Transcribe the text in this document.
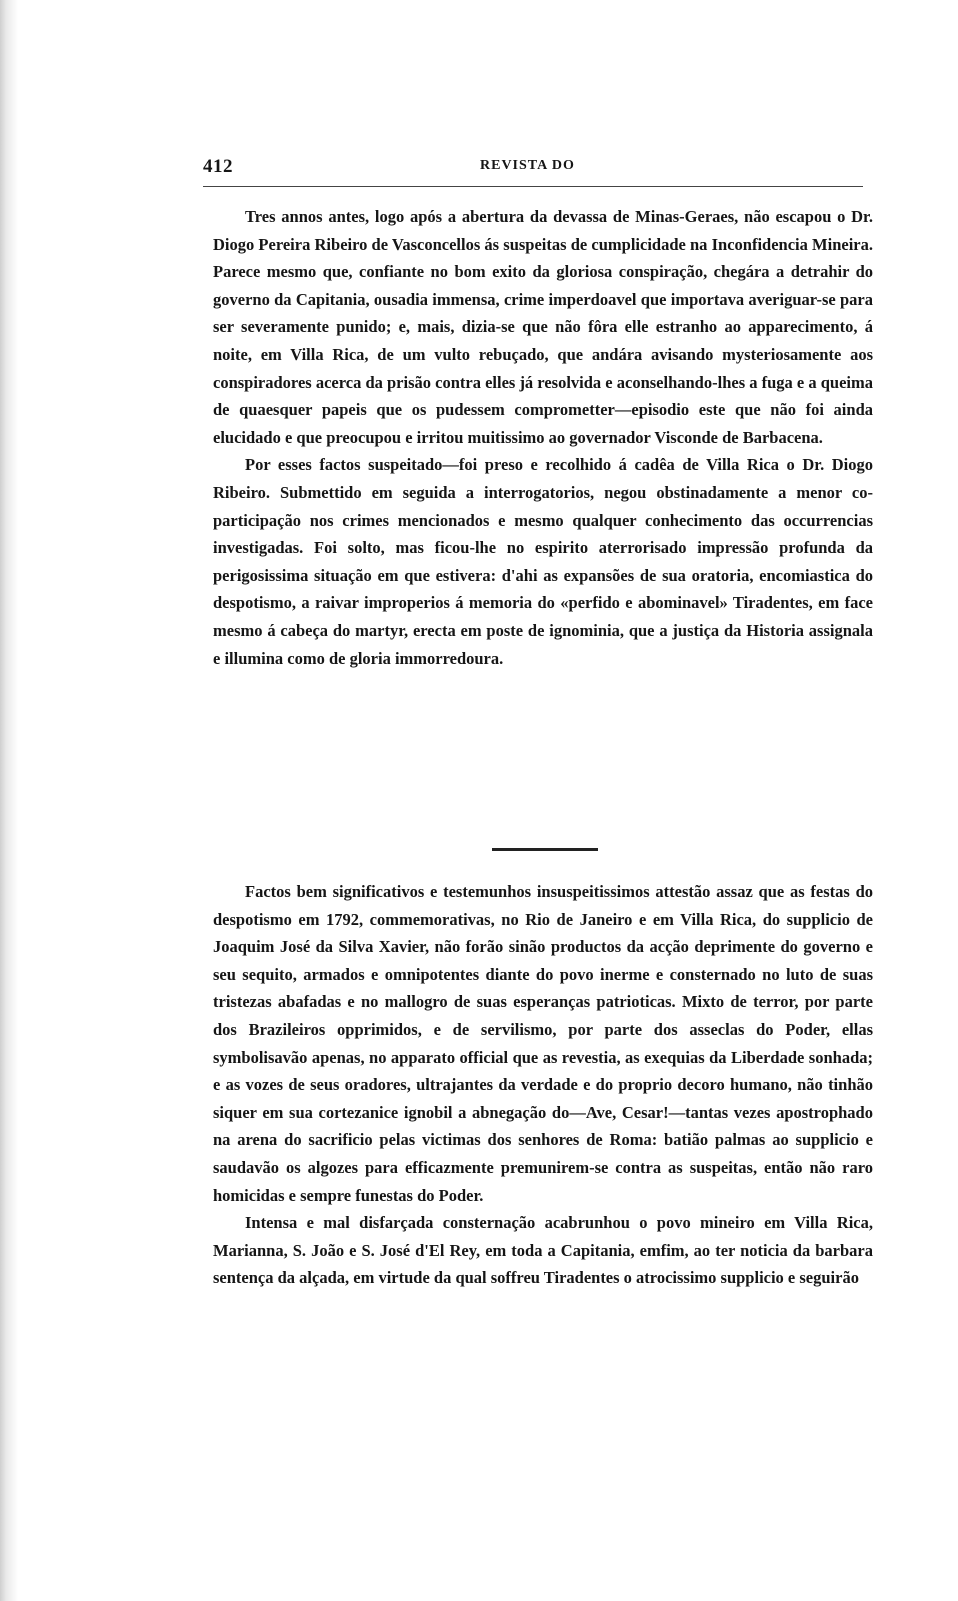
412	REVISTA DO

Tres annos antes, logo após a abertura da devassa de Minas-Geraes, não escapou o Dr. Diogo Pereira Ribeiro de Vasconcellos ás suspeitas de cumplicidade na Inconfidencia Mineira. Parece mesmo que, confiante no bom exito da gloriosa conspiração, chegára a detrahir do governo da Capitania, ousadia immensa, crime imperdoavel que importava averiguar-se para ser severamente punido; e, mais, dizia-se que não fôra elle estranho ao apparecimento, á noite, em Villa Rica, de um vulto rebuçado, que andára avisando mysteriosamente aos conspiradores acerca da prisão contra elles já resolvida e aconselhando-lhes a fuga e a queima de quaesquer papeis que os pudessem comprometter—episodio este que não foi ainda elucidado e que preocupou e irritou muitissimo ao governador Visconde de Barbacena.

Por esses factos suspeitado—foi preso e recolhido á cadêa de Villa Rica o Dr. Diogo Ribeiro. Submettido em seguida a interrogatorios, negou obstinadamente a menor co-participação nos crimes mencionados e mesmo qualquer conhecimento das occurrencias investigadas. Foi solto, mas ficou-lhe no espirito aterrorisado impressão profunda da perigosissima situação em que estivera: d'ahi as expansões de sua oratoria, encomiastica do despotismo, a raivar improperios á memoria do «perfido e abominavel» Tiradentes, em face mesmo á cabeça do martyr, erecta em poste de ignominia, que a justiça da Historia assignala e illumina como de gloria immorredoura.

Factos bem significativos e testemunhos insuspeitissimos attestão assaz que as festas do despotismo em 1792, commemorativas, no Rio de Janeiro e em Villa Rica, do supplicio de Joaquim José da Silva Xavier, não forão sinão productos da acção deprimente do governo e seu sequito, armados e omnipotentes diante do povo inerme e consternado no luto de suas tristezas abafadas e no mallogro de suas esperanças patrioticas. Mixto de terror, por parte dos Brazileiros opprimidos, e de servilismo, por parte dos asseclas do Poder, ellas symbolisavão apenas, no apparato official que as revestia, as exequias da Liberdade sonhada; e as vozes de seus oradores, ultrajantes da verdade e do proprio decoro humano, não tinhão siquer em sua cortezanice ignobil a abnegação do—Ave, Cesar!—tantas vezes apostrophado na arena do sacrificio pelas victimas dos senhores de Roma: batião palmas ao supplicio e saudavão os algozes para efficazmente premunirem-se contra as suspeitas, então não raro homicidas e sempre funestas do Poder.

Intensa e mal disfarçada consternação acabrunhou o povo mineiro em Villa Rica, Marianna, S. João e S. José d'El Rey, em toda a Capitania, emfim, ao ter noticia da barbara sentença da alçada, em virtude da qual soffreu Tiradentes o atrocissimo supplicio e seguirão
